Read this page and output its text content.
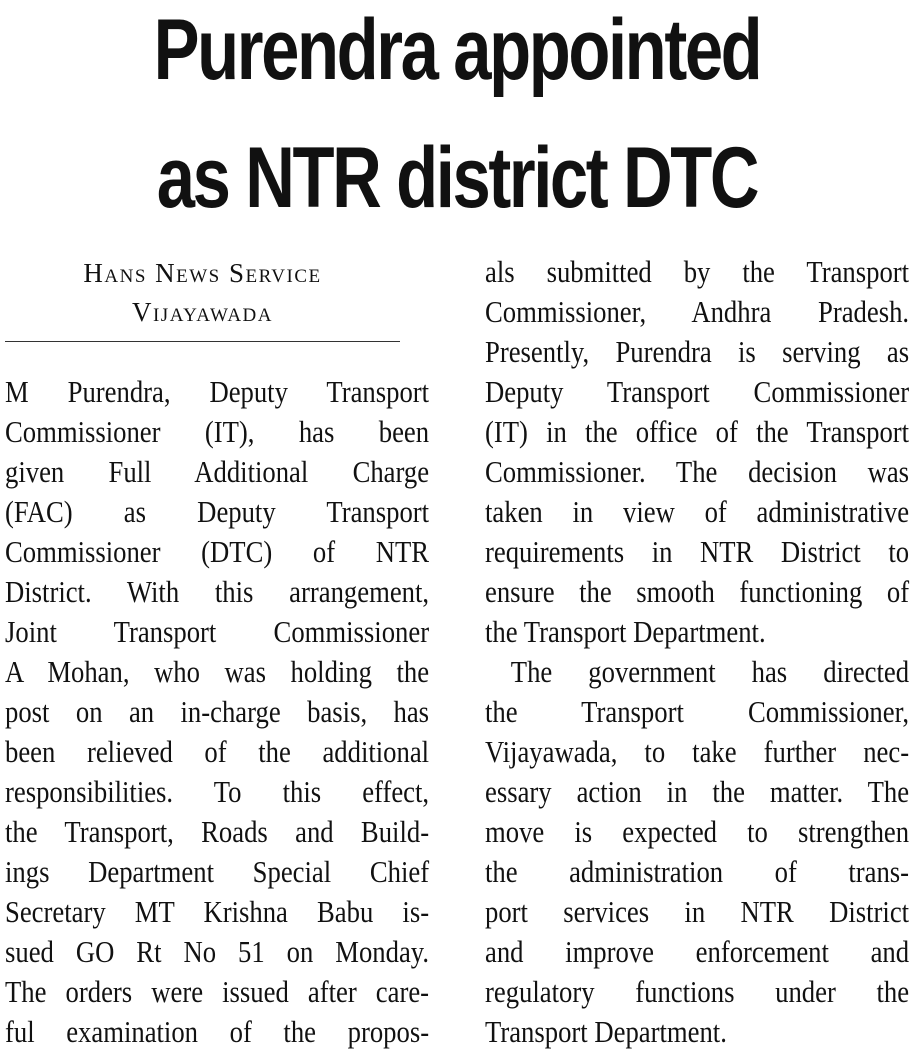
Purendra appointed
as NTR district DTC
Hans News Service
Vijayawada
M Purendra, Deputy Transport
Commissioner (IT), has been
given Full Additional Charge
(FAC) as Deputy Transport
Commissioner (DTC) of NTR
District. With this arrangement,
Joint Transport Commissioner
A Mohan, who was holding the
post on an in-charge basis, has
been relieved of the additional
responsibilities. To this effect,
the Transport, Roads and Build-
ings Department Special Chief
Secretary MT Krishna Babu is-
sued GO Rt No 51 on Monday.
The orders were issued after care-
ful examination of the propos-
als submitted by the Transport
Commissioner, Andhra Pradesh.
Presently, Purendra is serving as
Deputy Transport Commissioner
(IT) in the office of the Transport
Commissioner. The decision was
taken in view of administrative
requirements in NTR District to
ensure the smooth functioning of
the Transport Department.
The government has directed
the Transport Commissioner,
Vijayawada, to take further nec-
essary action in the matter. The
move is expected to strengthen
the administration of trans-
port services in NTR District
and improve enforcement and
regulatory functions under the
Transport Department.
